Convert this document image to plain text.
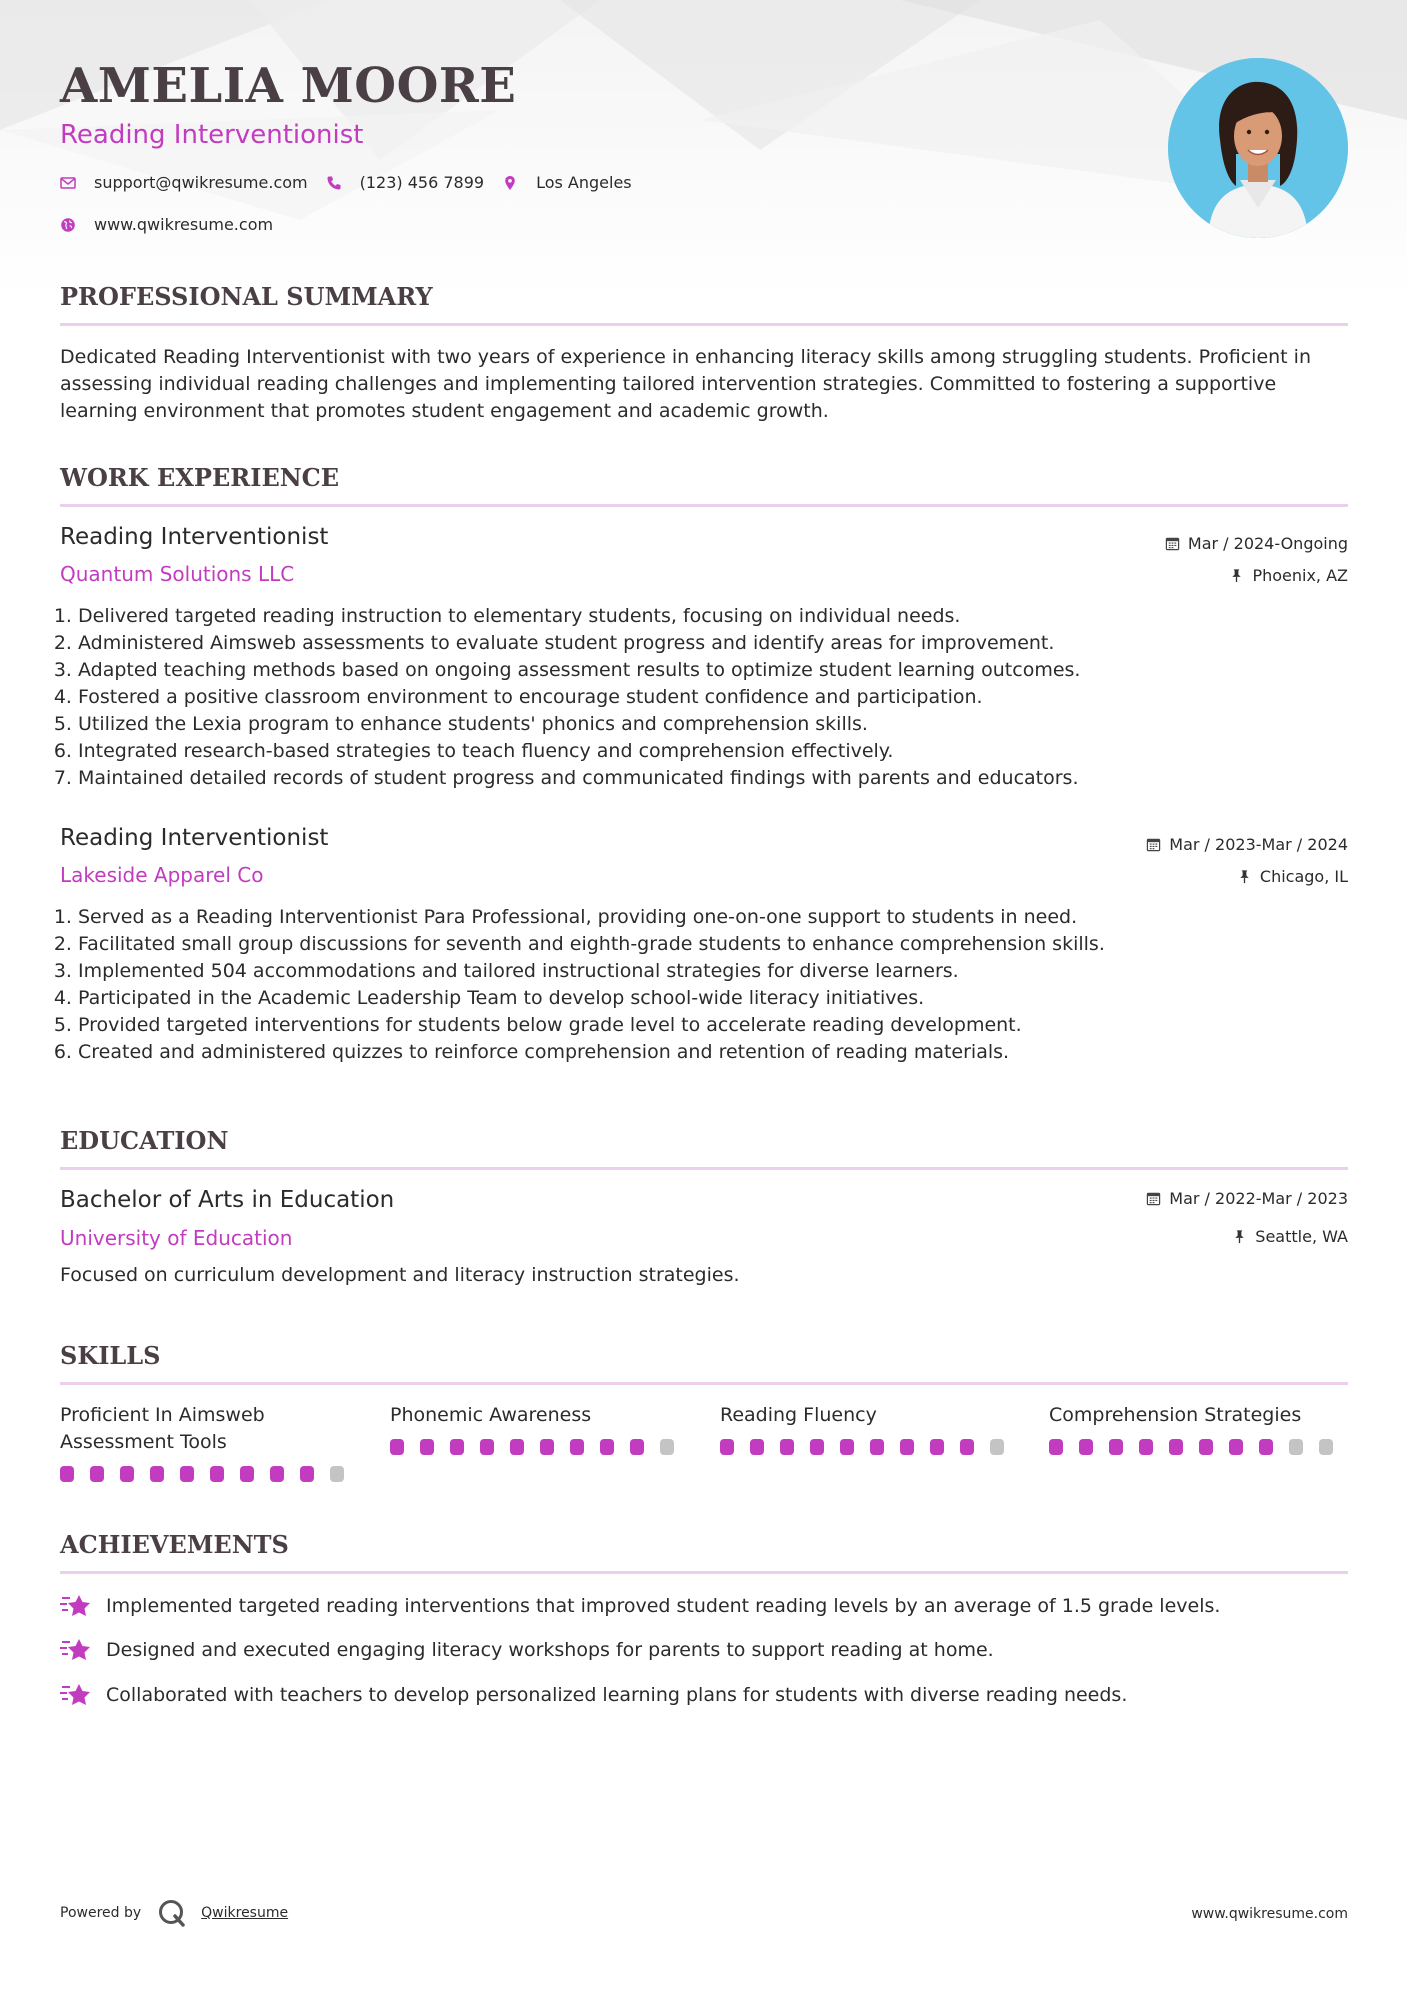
AMELIA MOORE
Reading Interventionist
support@qwikresume.com	(123) 456 7899	Los Angeles
www.qwikresume.com
PROFESSIONAL SUMMARY

Dedicated Reading Interventionist with two years of experience in enhancing literacy skills among struggling students. Proficient in assessing individual reading challenges and implementing tailored intervention strategies. Committed to fostering a supportive learning environment that promotes student engagement and academic growth.

WORK EXPERIENCE
Reading Interventionist
Quantum Solutions LLC
Mar / 2024-Ongoing
Phoenix, AZ
1. Delivered targeted reading instruction to elementary students, focusing on individual needs.
2. Administered Aimsweb assessments to evaluate student progress and identify areas for improvement.
3. Adapted teaching methods based on ongoing assessment results to optimize student learning outcomes.
4. Fostered a positive classroom environment to encourage student confidence and participation.
5. Utilized the Lexia program to enhance students' phonics and comprehension skills.
6. Integrated research-based strategies to teach fluency and comprehension effectively.
7. Maintained detailed records of student progress and communicated findings with parents and educators.
Reading Interventionist
Lakeside Apparel Co
Mar / 2023-Mar / 2024
Chicago, IL
1. Served as a Reading Interventionist Para Professional, providing one-on-one support to students in need.
2. Facilitated small group discussions for seventh and eighth-grade students to enhance comprehension skills.
3. Implemented 504 accommodations and tailored instructional strategies for diverse learners.
4. Participated in the Academic Leadership Team to develop school-wide literacy initiatives.
5. Provided targeted interventions for students below grade level to accelerate reading development.
6. Created and administered quizzes to reinforce comprehension and retention of reading materials.
EDUCATION
Bachelor of Arts in Education
University of Education
Mar / 2022-Mar / 2023
Seattle, WA

Focused on curriculum development and literacy instruction strategies.

SKILLS
Proficient In Aimsweb Assessment Tools
Phonemic Awareness	Reading Fluency	Comprehension Strategies
ACHIEVEMENTS
Implemented targeted reading interventions that improved student reading levels by an average of 1.5 grade levels.
Designed and executed engaging literacy workshops for parents to support reading at home.
Collaborated with teachers to develop personalized learning plans for students with diverse reading needs.
Powered by	Qwikresume	www.qwikresume.com
